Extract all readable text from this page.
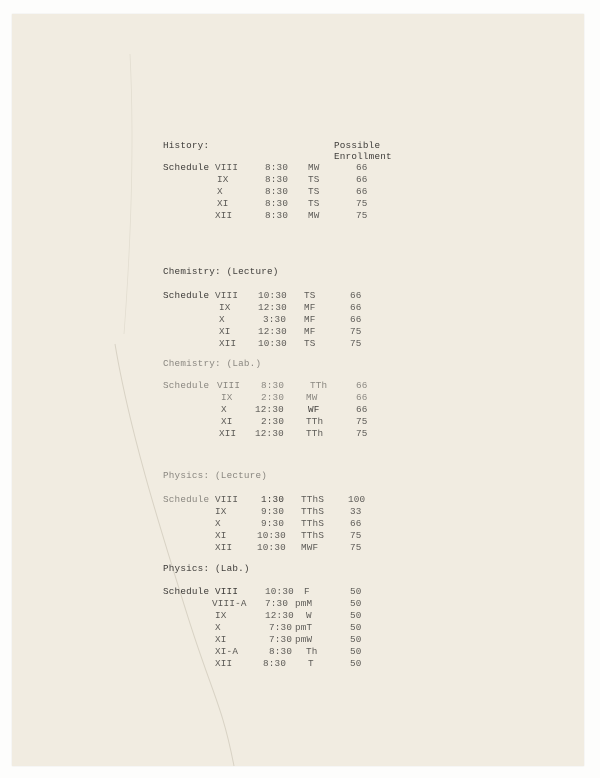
History:	Possible
Enrollment
Schedule VIII	8:30 MW	66
IX	8:30 TS	66
X	8:30 TS	66
XI	8:30 TS	75
XII	8:30 MW	75
Chemistry: (Lecture)
Schedule VIII 10:30 TS	66
IX	12:30 MF	66
X	3:30 MF	66
XI	12:30 MF	75
XII 10:30 TS	75
Chemistry: (Lab.)
Schedule VIII 8:30	TTh	66
IX	2:30 MW	66
X	12:30	WF	66
XI	2:30 TTh	75
XII 12:30 TTh	75
Physics: (Lecture)
Schedule VIII 1:30 TThS	100
IX	9:30 TThS	33
X	9:30 TThS	66
XI	10:30 TThS	75
XII	10:30 MWF	75
Physics: (Lab.)
Schedule VIII	10:30 F	50
VIII-A 7:30 pmM	50
IX	12:30 W	50
X	7:30 pmT	50
XI	7:30 pmW	50
XI-A	8:30 Th	50
XII	8:30 T	50
